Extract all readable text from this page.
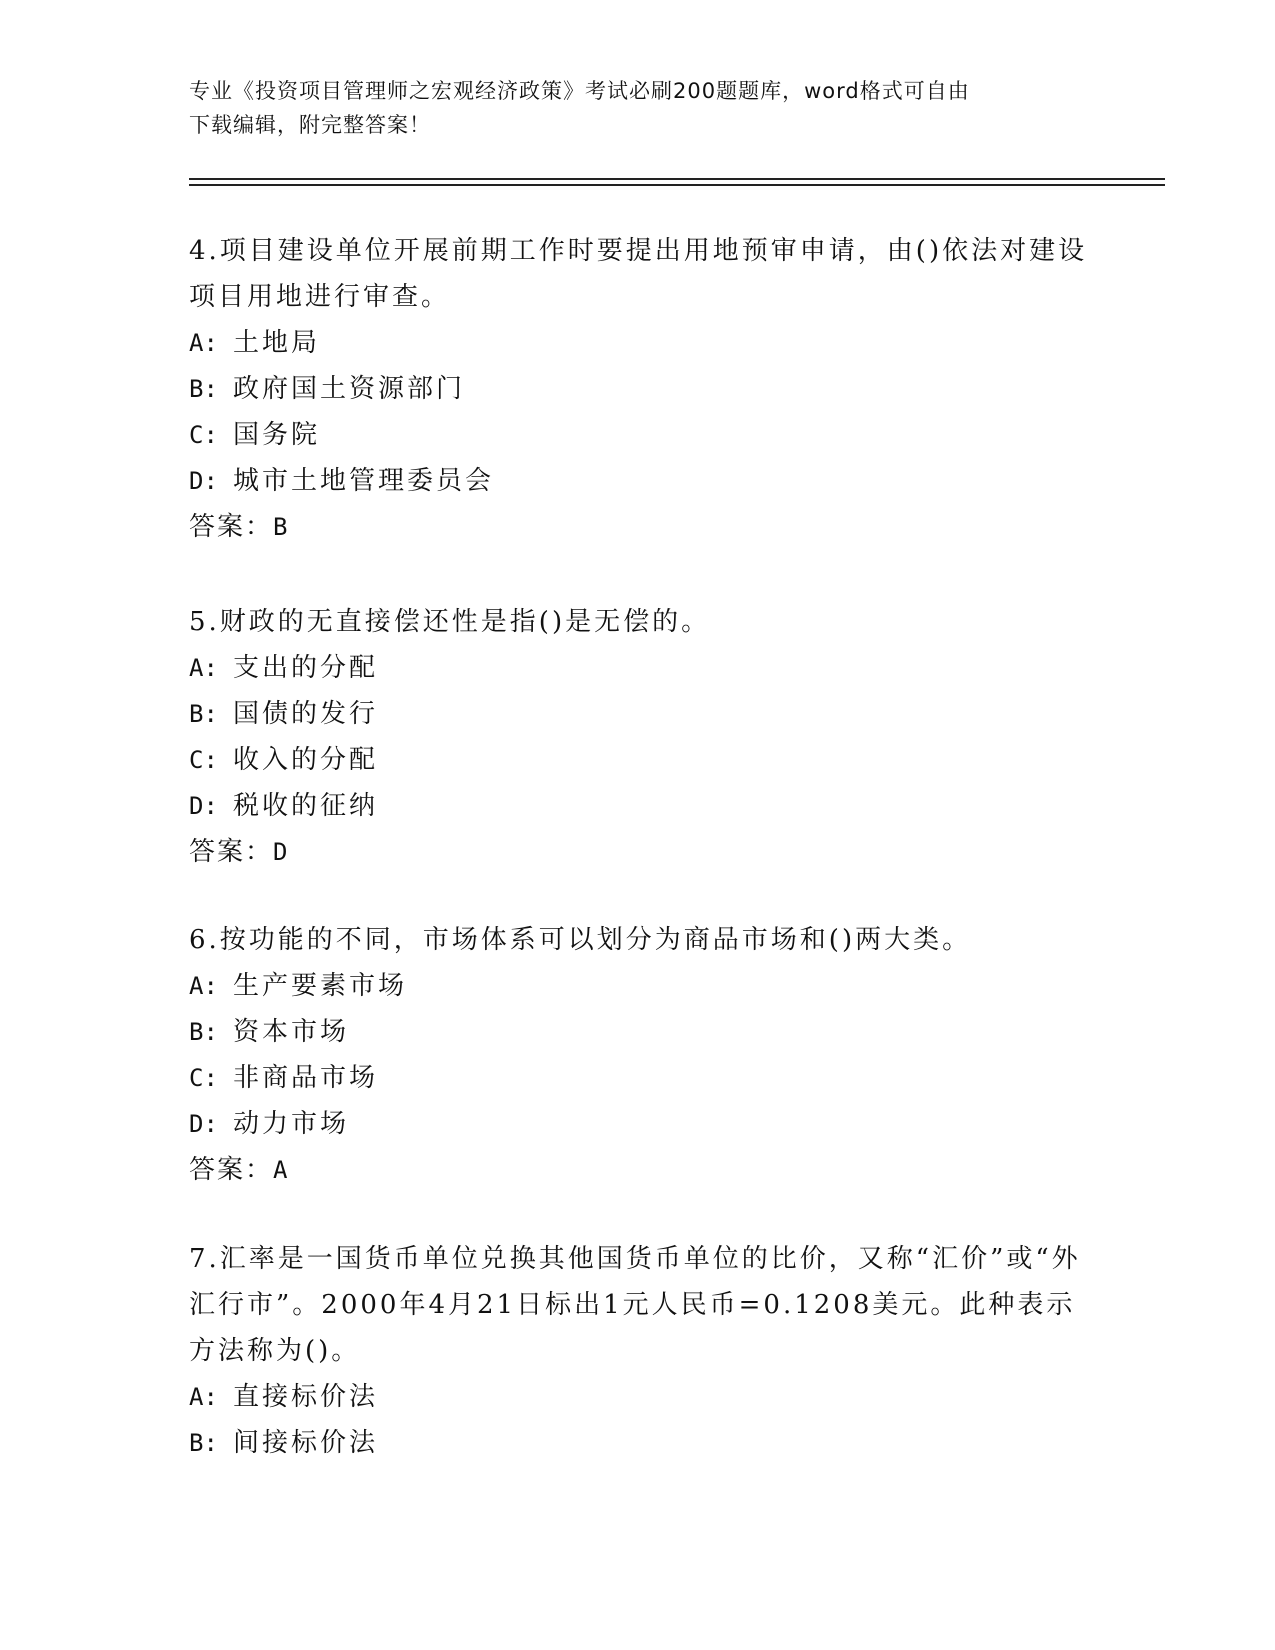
专业《投资项目管理师之宏观经济政策》考试必刷200题题库，word格式可自由
下载编辑，附完整答案！

4.项目建设单位开展前期工作时要提出用地预审申请，由()依法对建设项目用地进行审查。

A: 土地局

B: 政府国土资源部门

C: 国务院

D: 城市土地管理委员会

答案：B

5.财政的无直接偿还性是指()是无偿的。

A: 支出的分配

B: 国债的发行

C: 收入的分配

D: 税收的征纳

答案：D

6.按功能的不同，市场体系可以划分为商品市场和()两大类。

A: 生产要素市场

B: 资本市场

C: 非商品市场

D: 动力市场

答案：A

7.汇率是一国货币单位兑换其他国货币单位的比价，又称“汇价”或“外汇行市”。2000年4月21日标出1元人民币=0.1208美元。此种表示方法称为()。

A: 直接标价法

B: 间接标价法
